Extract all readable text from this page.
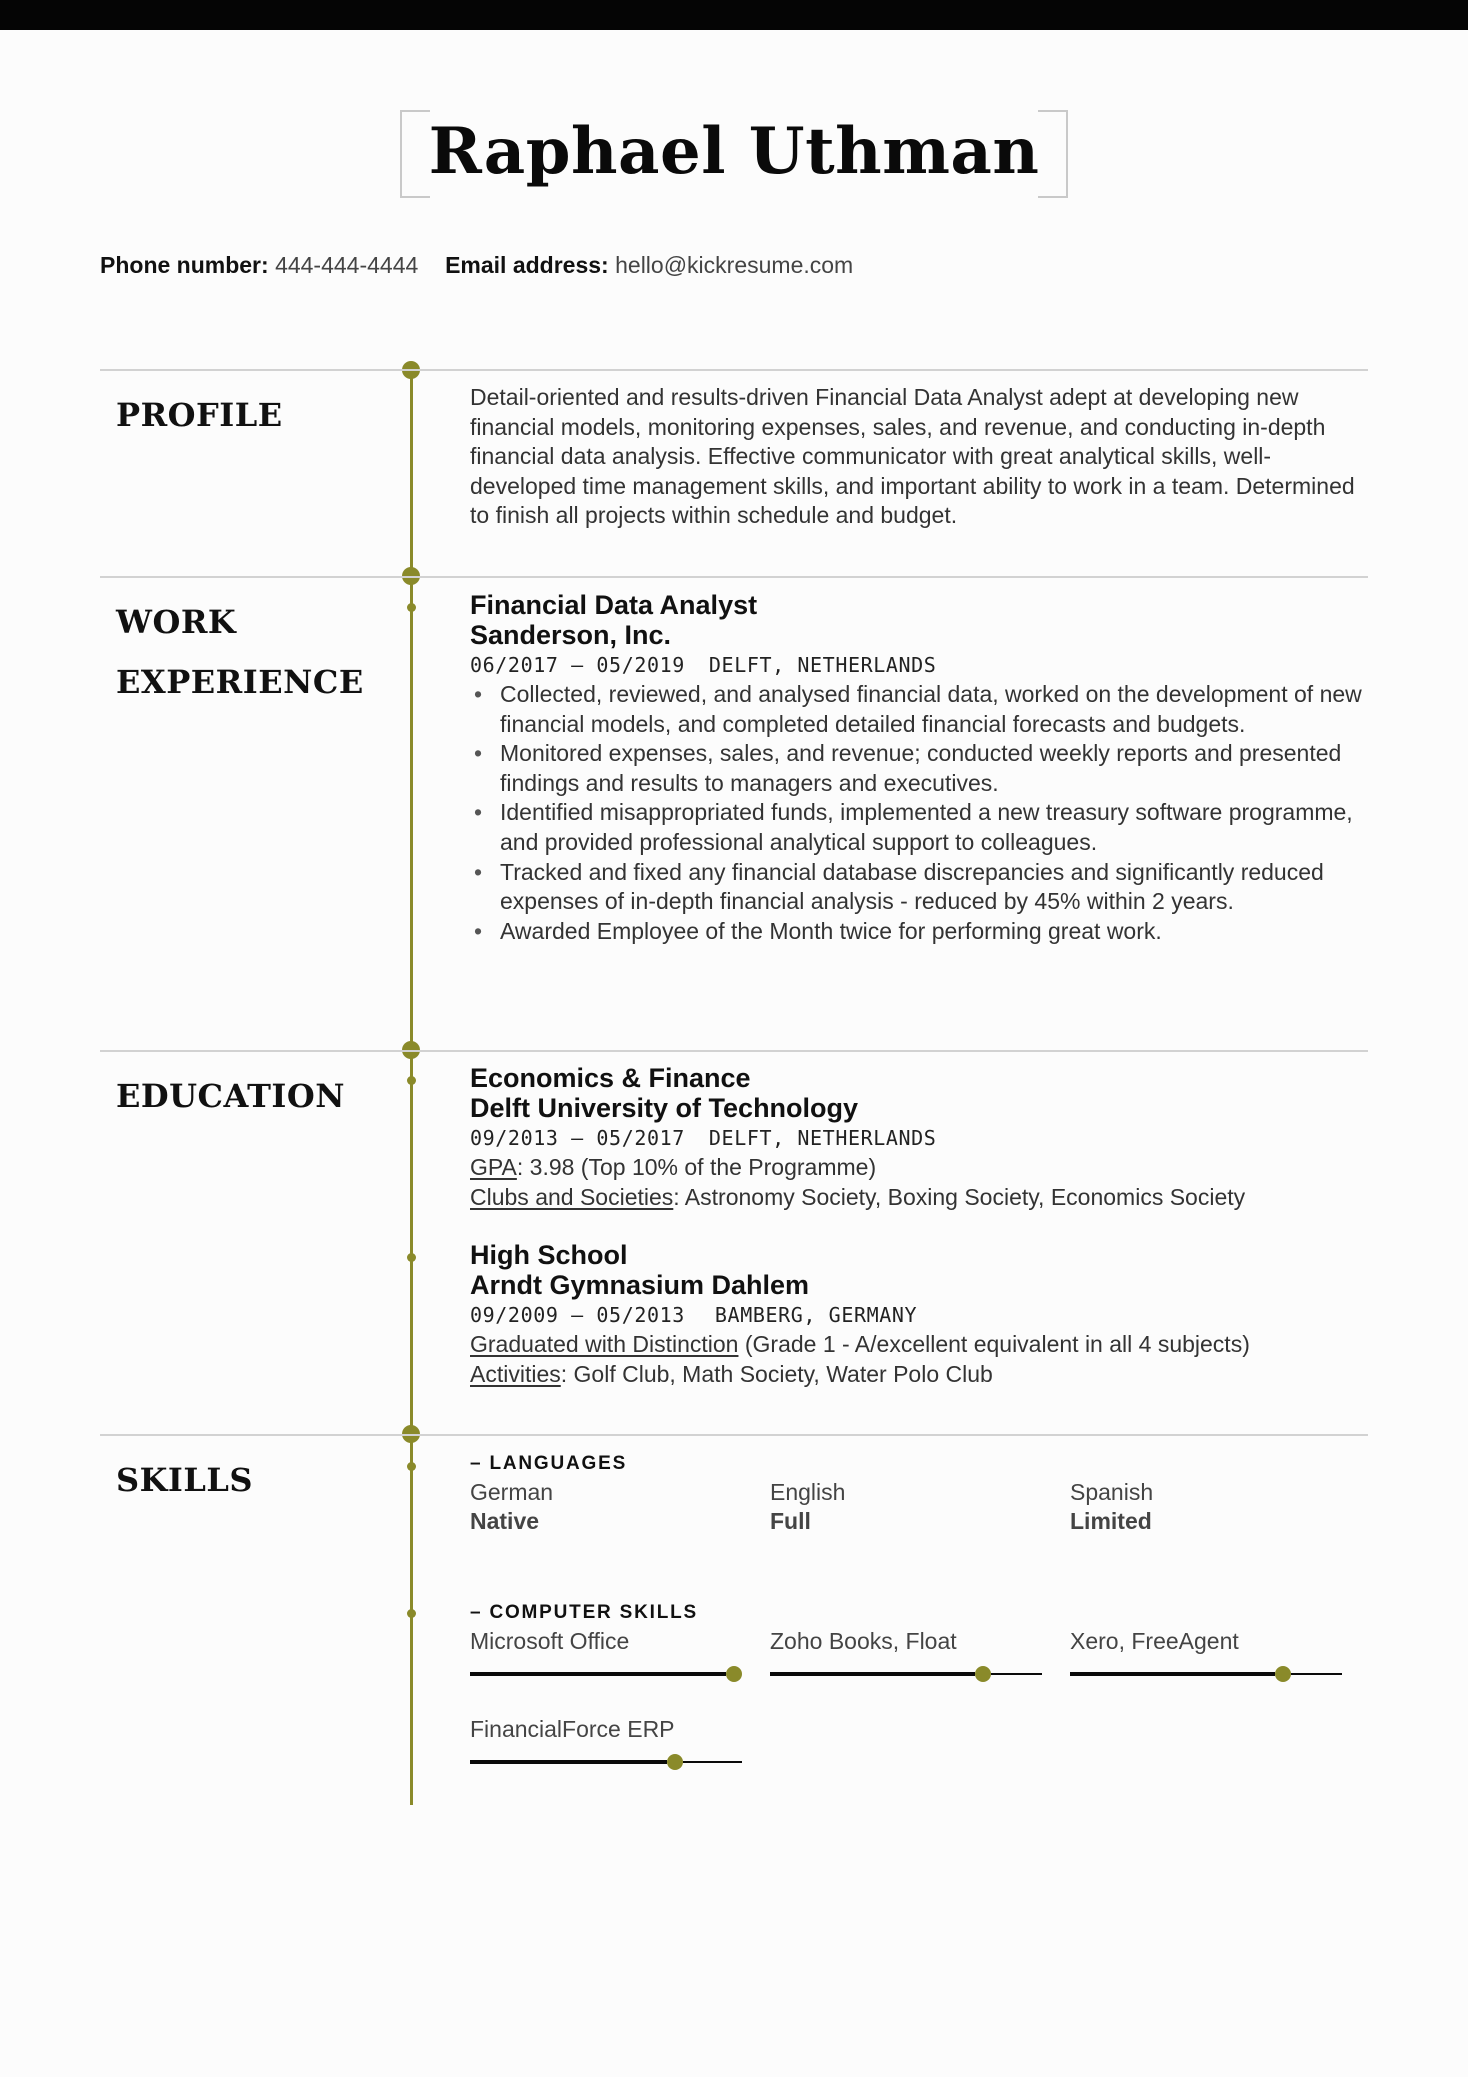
Raphael Uthman
Phone number: 444-444-4444 Email address: hello@kickresume.com
PROFILE	Detail-oriented and results-driven Financial Data Analyst adept at developing new financial models, monitoring expenses, sales, and revenue, and conducting in-depth financial data analysis. Effective communicator with great analytical skills, well-developed time management skills, and important ability to work in a team. Determined to finish all projects within schedule and budget.
WORK
EXPERIENCE
Financial Data Analyst
Sanderson, Inc.
06/2017 – 05/2019 DELFT, NETHERLANDS
• Collected, reviewed, and analysed financial data, worked on the development of new financial models, and completed detailed financial forecasts and budgets.
• Monitored expenses, sales, and revenue; conducted weekly reports and presented findings and results to managers and executives.
• Identified misappropriated funds, implemented a new treasury software programme, and provided professional analytical support to colleagues.
• Tracked and fixed any financial database discrepancies and significantly reduced expenses of in-depth financial analysis - reduced by 45% within 2 years.
• Awarded Employee of the Month twice for performing great work.
EDUCATION	Economics & Finance
Delft University of Technology
09/2013 – 05/2017 DELFT, NETHERLANDS
GPA: 3.98 (Top 10% of the Programme)
Clubs and Societies: Astronomy Society, Boxing Society, Economics Society
High School
Arndt Gymnasium Dahlem
09/2009 – 05/2013 BAMBERG, GERMANY
Graduated with Distinction (Grade 1 - A/excellent equivalent in all 4 subjects)
Activities: Golf Club, Math Society, Water Polo Club
SKILLS	– LANGUAGES
German
Native
English
Full
Spanish
Limited
– COMPUTER SKILLS
Microsoft Office	Zoho Books, Float	Xero, FreeAgent
FinancialForce ERP
